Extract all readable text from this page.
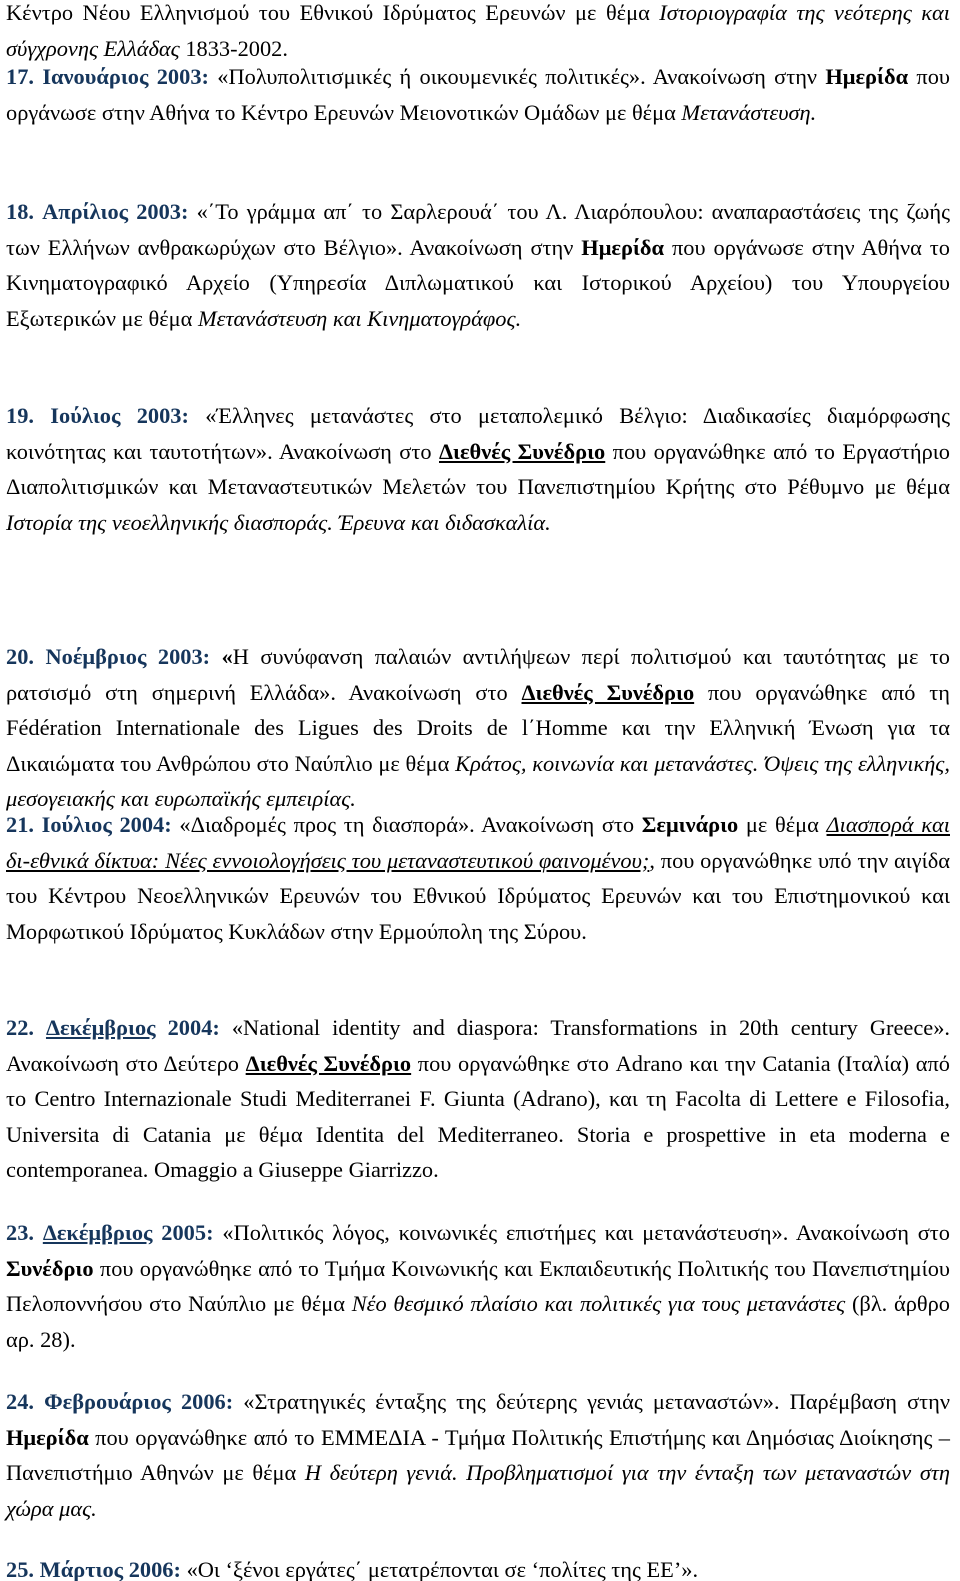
Κέντρο Νέου Ελληνισμού του Εθνικού Ιδρύματος Ερευνών με θέμα Ιστοριογραφία της νεότερης και σύγχρονης Ελλάδας 1833-2002.

17. Ιανουάριος 2003: «Πολυπολιτισμικές ή οικουμενικές πολιτικές». Ανακοίνωση στην Ημερίδα που οργάνωσε στην Αθήνα το Κέντρο Ερευνών Μειονοτικών Ομάδων με θέμα Μετανάστευση.

18. Απρίλιος 2003: «΄Το γράμμα απ΄ το Σαρλερουά΄ του Λ. Λιαρόπουλου: αναπαραστάσεις της ζωής των Ελλήνων ανθρακωρύχων στο Βέλγιο». Ανακοίνωση στην Ημερίδα που οργάνωσε στην Αθήνα το Κινηματογραφικό Αρχείο (Υπηρεσία Διπλωματικού και Ιστορικού Αρχείου) του Υπουργείου Εξωτερικών με θέμα Μετανάστευση και Κινηματογράφος.

19. Ιούλιος 2003: «Έλληνες μετανάστες στο μεταπολεμικό Βέλγιο: Διαδικασίες διαμόρφωσης κοινότητας και ταυτοτήτων». Ανακοίνωση στο Διεθνές Συνέδριο που οργανώθηκε από το Εργαστήριο Διαπολιτισμικών και Μεταναστευτικών Μελετών του Πανεπιστημίου Κρήτης στο Ρέθυμνο με θέμα Ιστορία της νεοελληνικής διασποράς. Έρευνα και διδασκαλία.

20. Νοέμβριος 2003: «Η συνύφανση παλαιών αντιλήψεων περί πολιτισμού και ταυτότητας με το ρατσισμό στη σημερινή Ελλάδα». Ανακοίνωση στο Διεθνές Συνέδριο που οργανώθηκε από τη Fédération Internationale des Ligues des Droits de l΄Homme και την Ελληνική Ένωση για τα Δικαιώματα του Ανθρώπου στο Ναύπλιο με θέμα Κράτος, κοινωνία και μετανάστες. Όψεις της ελληνικής, μεσογειακής και ευρωπαϊκής εμπειρίας.

21. Ιούλιος 2004: «Διαδρομές προς τη διασπορά». Ανακοίνωση στο Σεμινάριο με θέμα Διασπορά και δι-εθνικά δίκτυα: Νέες εννοιολογήσεις του μεταναστευτικού φαινομένου;, που οργανώθηκε υπό την αιγίδα του Κέντρου Νεοελληνικών Ερευνών του Εθνικού Ιδρύματος Ερευνών και του Επιστημονικού και Μορφωτικού Ιδρύματος Κυκλάδων στην Ερμούπολη της Σύρου.

22. Δεκέμβριος 2004: «National identity and diaspora: Transformations in 20th century Greece». Ανακοίνωση στο Δεύτερο Διεθνές Συνέδριο που οργανώθηκε στο Adrano και την Catania (Ιταλία) από το Centro Internazionale Studi Mediterranei F. Giunta (Adrano), και τη Facolta di Lettere e Filosofia, Universita di Catania με θέμα Identita del Mediterraneo. Storia e prospettive in eta moderna e contemporanea. Omaggio a Giuseppe Giarrizzo.

23. Δεκέμβριος 2005: «Πολιτικός λόγος, κοινωνικές επιστήμες και μετανάστευση». Ανακοίνωση στο Συνέδριο που οργανώθηκε από το Τμήμα Κοινωνικής και Εκπαιδευτικής Πολιτικής του Πανεπιστημίου Πελοποννήσου στο Ναύπλιο με θέμα Νέο θεσμικό πλαίσιο και πολιτικές για τους μετανάστες (βλ. άρθρο αρ. 28).

24. Φεβρουάριος 2006: «Στρατηγικές ένταξης της δεύτερης γενιάς μεταναστών». Παρέμβαση στην Ημερίδα που οργανώθηκε από το ΕΜΜΕΔΙΑ - Τμήμα Πολιτικής Επιστήμης και Δημόσιας Διοίκησης – Πανεπιστήμιο Αθηνών με θέμα Η δεύτερη γενιά. Προβληματισμοί για την ένταξη των μεταναστών στη χώρα μας.

25. Μάρτιος 2006: «Οι ‘ξένοι εργάτες΄ μετατρέπονται σε ‘πολίτες της ΕΕ’».
